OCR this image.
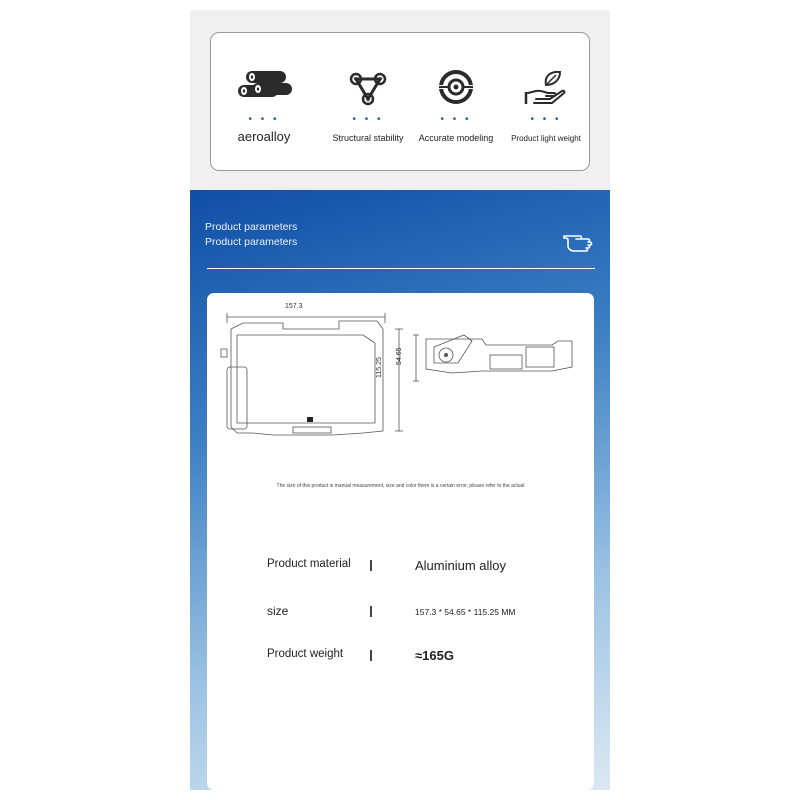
• • •
aeroalloy
• • •
Structural stability
• • •
Accurate modeling
• • •
Product light weight
Product parameters
Product parameters
157.3
115.25
54.65
The size of this product is manual measurement, size and color there is a certain error, please refer to the actual
Product material	Aluminium alloy
size	157.3 * 54.65 * 115.25 MM
Product weight	≈165G
